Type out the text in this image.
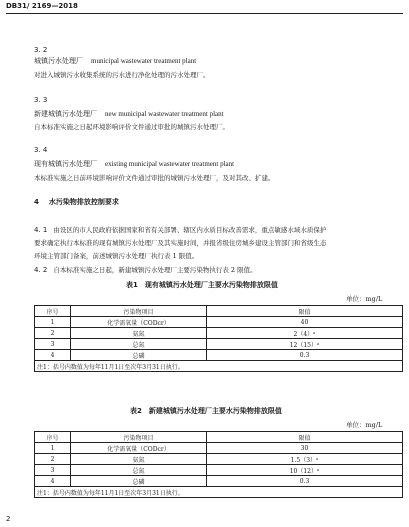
DB31/ 2169—2018
3. 2
城镇污水处理厂 municipal wastewater treatment plant
对进入城镇污水收集系统的污水进行净化处理的污水处理厂。
3. 3
新建城镇污水处理厂 new municipal wastewater treatment plant
自本标准实施之日起环境影响评价文件通过审批的城镇污水处理厂。
3. 4
现有城镇污水处理厂 existing municipal wastewater treatment plant
本标准实施之日前环境影响评价文件通过审批的城镇污水处理厂，及对其改、扩建。
4 水污染物排放控制要求
4. 1 由设区的市人民政府依据国家和省有关部署、辖区内水质目标改善需求，重点敏感水域水质保护
要求确定执行本标准的现有城镇污水处理厂及其实施时间，并报省级住房城乡建设主管部门和省级生态
环境主管部门备案，前述城镇污水处理厂执行表 1 限值。
4. 2 自本标准实施之日起，新建城镇污水处理厂主要污染物执行表 2 限值。
表1　现有城镇污水处理厂主要水污染物排放限值
单位：mg/L
序号	污染物项目	限值
1	化学需氧量（CODcr）	40
2	氨氮	2（4）ᵃ
3	总氮	12（15）ᵃ
4	总磷	0.3
注1：括号内数值为每年11月1日至次年3月31日执行。		
表2　新建城镇污水处理厂主要水污染物排放限值
单位：mg/L
序号	污染物项目	限值
1	化学需氧量（CODcr）	30
2	氨氮	1.5（3）ᵃ
3	总氮	10（12）ᵃ
4	总磷	0.3
注1：括号内数值为每年11月1日至次年3月31日执行。		
2
